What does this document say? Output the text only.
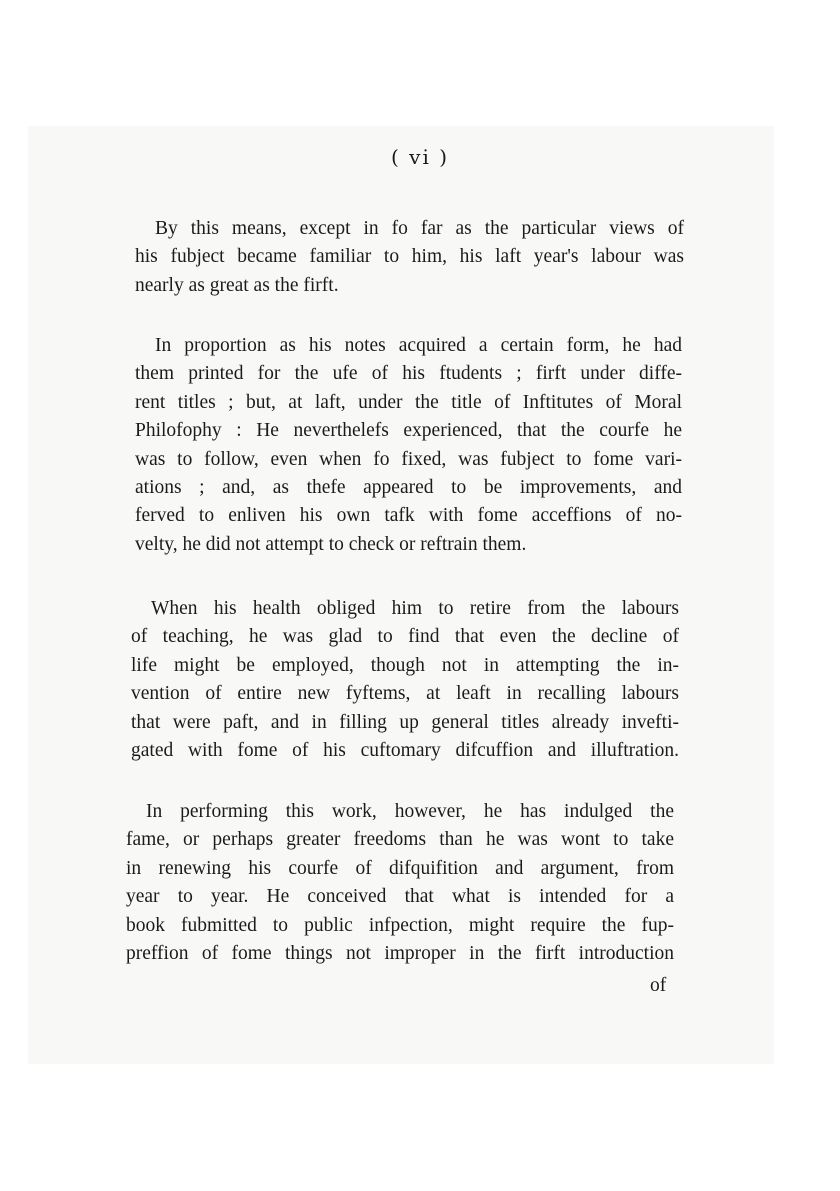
( vi )
By this means, except in fo far as the particular views of
his fubject became familiar to him, his laft year's labour was
nearly as great as the firft.
In proportion as his notes acquired a certain form, he had
them printed for the ufe of his ftudents ; firft under diffe-
rent titles ; but, at laft, under the title of Inftitutes of Moral
Philofophy : He neverthelefs experienced, that the courfe he
was to follow, even when fo fixed, was fubject to fome vari-
ations ; and, as thefe appeared to be improvements, and
ferved to enliven his own tafk with fome acceffions of no-
velty, he did not attempt to check or reftrain them.
When his health obliged him to retire from the labours
of teaching, he was glad to find that even the decline of
life might be employed, though not in attempting the in-
vention of entire new fyftems, at leaft in recalling labours
that were paft, and in filling up general titles already invefti-
gated with fome of his cuftomary difcuffion and illuftration.
In performing this work, however, he has indulged the
fame, or perhaps greater freedoms than he was wont to take
in renewing his courfe of difquifition and argument, from
year to year. He conceived that what is intended for a
book fubmitted to public infpection, might require the fup-
preffion of fome things not improper in the firft introduction
of
